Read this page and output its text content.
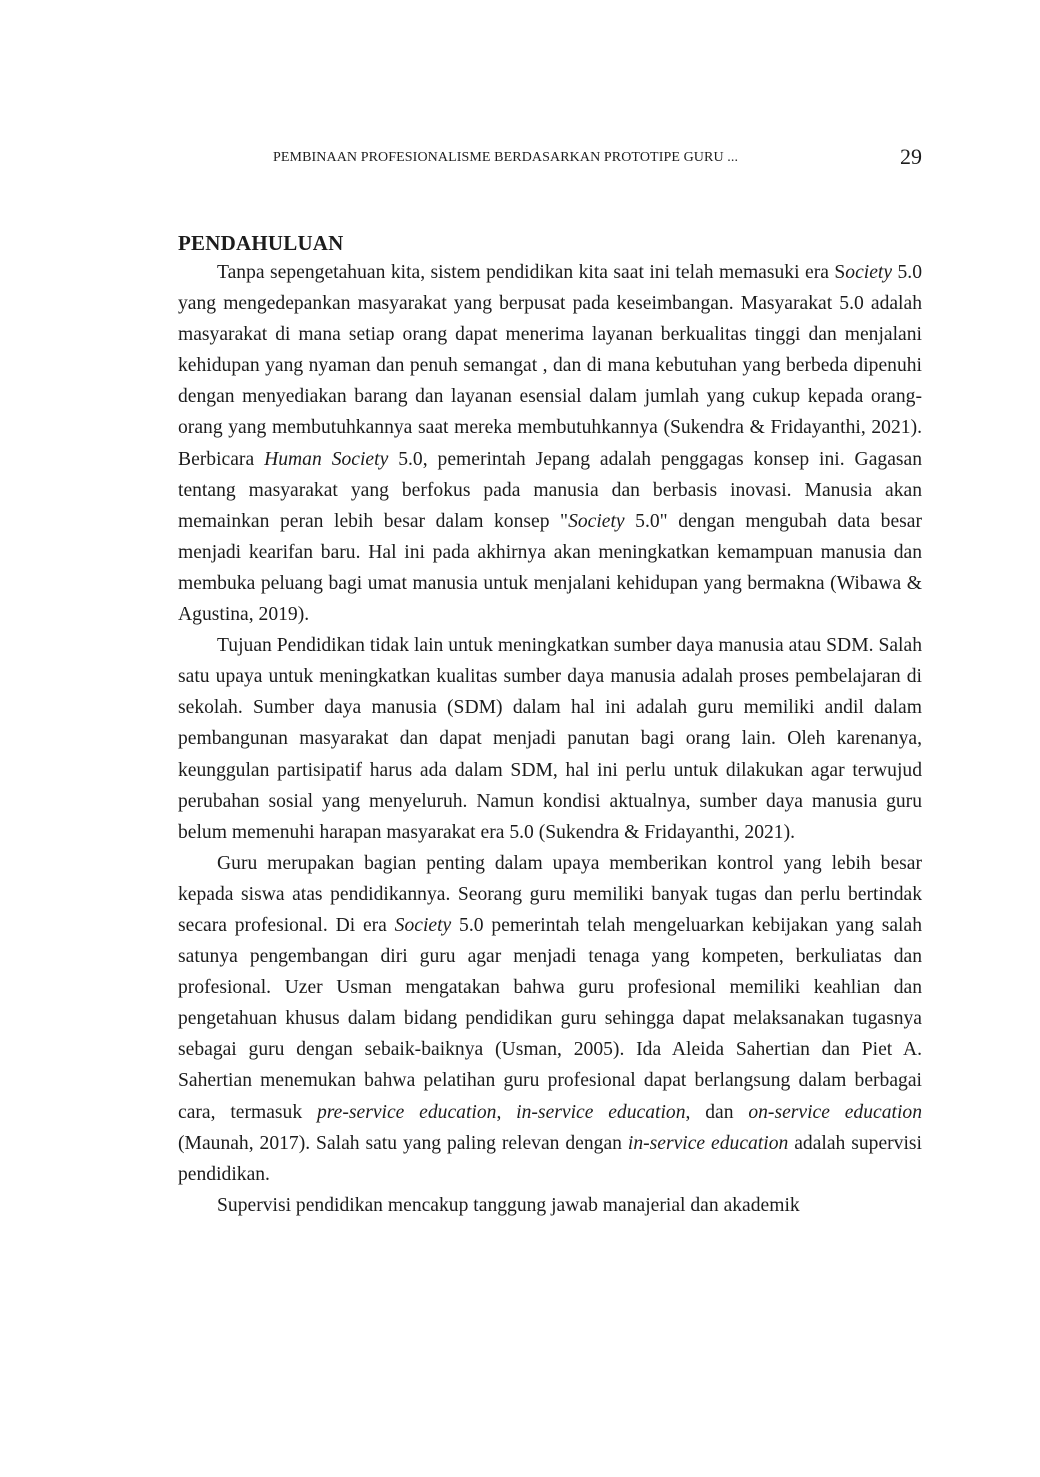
PEMBINAAN PROFESIONALISME BERDASARKAN PROTOTIPE GURU ...	29
PENDAHULUAN

Tanpa sepengetahuan kita, sistem pendidikan kita saat ini telah memasuki era Society 5.0 yang mengedepankan masyarakat yang berpusat pada keseimbangan. Masyarakat 5.0 adalah masyarakat di mana setiap orang dapat menerima layanan berkualitas tinggi dan menjalani kehidupan yang nyaman dan penuh semangat , dan di mana kebutuhan yang berbeda dipenuhi dengan menyediakan barang dan layanan esensial dalam jumlah yang cukup kepada orang-orang yang membutuhkannya saat mereka membutuhkannya (Sukendra & Fridayanthi, 2021). Berbicara Human Society 5.0, pemerintah Jepang adalah penggagas konsep ini. Gagasan tentang masyarakat yang berfokus pada manusia dan berbasis inovasi. Manusia akan memainkan peran lebih besar dalam konsep "Society 5.0" dengan mengubah data besar menjadi kearifan baru. Hal ini pada akhirnya akan meningkatkan kemampuan manusia dan membuka peluang bagi umat manusia untuk menjalani kehidupan yang bermakna (Wibawa & Agustina, 2019).

Tujuan Pendidikan tidak lain untuk meningkatkan sumber daya manusia atau SDM. Salah satu upaya untuk meningkatkan kualitas sumber daya manusia adalah proses pembelajaran di sekolah. Sumber daya manusia (SDM) dalam hal ini adalah guru memiliki andil dalam pembangunan masyarakat dan dapat menjadi panutan bagi orang lain. Oleh karenanya, keunggulan partisipatif harus ada dalam SDM, hal ini perlu untuk dilakukan agar terwujud perubahan sosial yang menyeluruh. Namun kondisi aktualnya, sumber daya manusia guru belum memenuhi harapan masyarakat era 5.0 (Sukendra & Fridayanthi, 2021).

Guru merupakan bagian penting dalam upaya memberikan kontrol yang lebih besar kepada siswa atas pendidikannya. Seorang guru memiliki banyak tugas dan perlu bertindak secara profesional. Di era Society 5.0 pemerintah telah mengeluarkan kebijakan yang salah satunya pengembangan diri guru agar menjadi tenaga yang kompeten, berkuliatas dan profesional. Uzer Usman mengatakan bahwa guru profesional memiliki keahlian dan pengetahuan khusus dalam bidang pendidikan guru sehingga dapat melaksanakan tugasnya sebagai guru dengan sebaik-baiknya (Usman, 2005). Ida Aleida Sahertian dan Piet A. Sahertian menemukan bahwa pelatihan guru profesional dapat berlangsung dalam berbagai cara, termasuk pre-service education, in-service education, dan on-service education (Maunah, 2017). Salah satu yang paling relevan dengan in-service education adalah supervisi pendidikan.

Supervisi pendidikan mencakup tanggung jawab manajerial dan akademik
